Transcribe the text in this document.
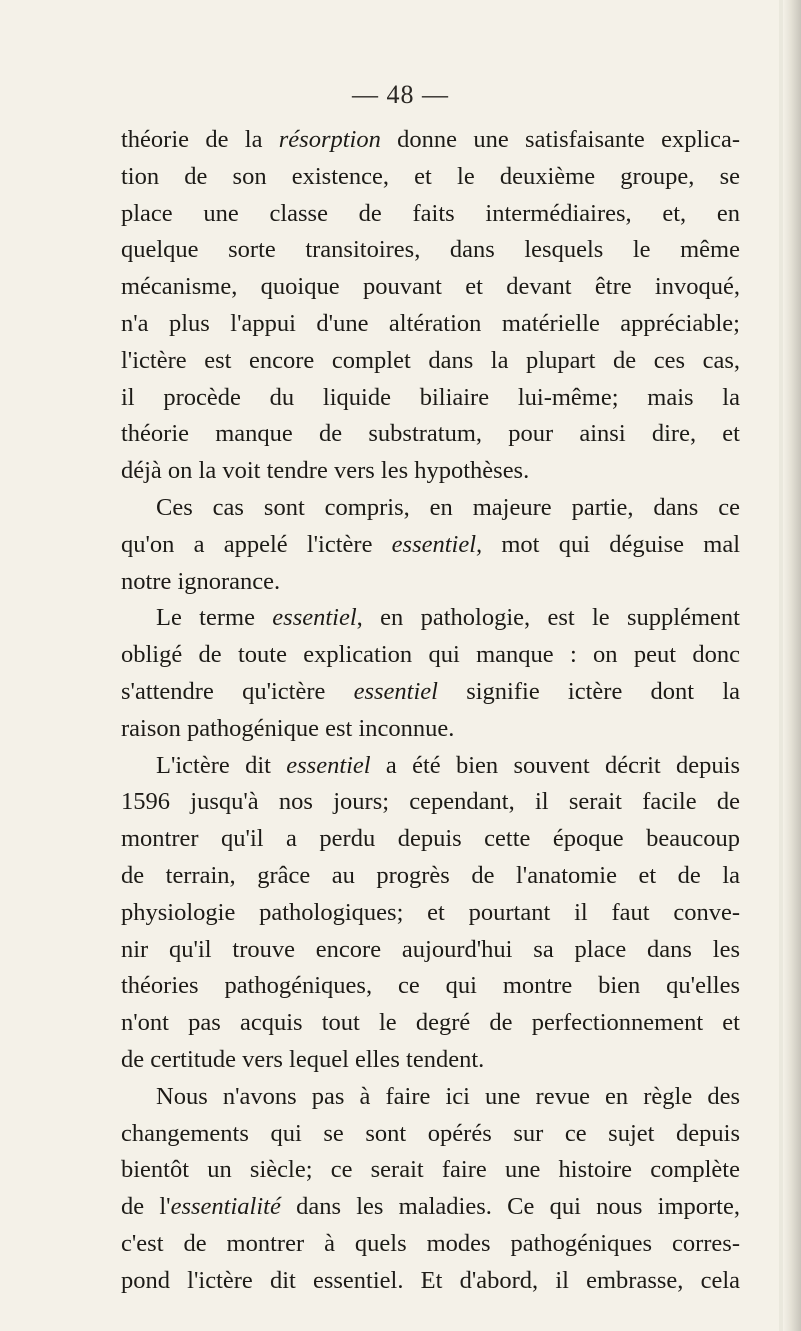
— 48 —
théorie de la résorption donne une satisfaisante explica-
tion de son existence, et le deuxième groupe, se
place une classe de faits intermédiaires, et, en
quelque sorte transitoires, dans lesquels le même
mécanisme, quoique pouvant et devant être invoqué,
n'a plus l'appui d'une altération matérielle appréciable;
l'ictère est encore complet dans la plupart de ces cas,
il procède du liquide biliaire lui-même; mais la
théorie manque de substratum, pour ainsi dire, et
déjà on la voit tendre vers les hypothèses.
Ces cas sont compris, en majeure partie, dans ce
qu'on a appelé l'ictère essentiel, mot qui déguise mal
notre ignorance.
Le terme essentiel, en pathologie, est le supplément
obligé de toute explication qui manque : on peut donc
s'attendre qu'ictère essentiel signifie ictère dont la
raison pathogénique est inconnue.
L'ictère dit essentiel a été bien souvent décrit depuis
1596 jusqu'à nos jours; cependant, il serait facile de
montrer qu'il a perdu depuis cette époque beaucoup
de terrain, grâce au progrès de l'anatomie et de la
physiologie pathologiques; et pourtant il faut conve-
nir qu'il trouve encore aujourd'hui sa place dans les
théories pathogéniques, ce qui montre bien qu'elles
n'ont pas acquis tout le degré de perfectionnement et
de certitude vers lequel elles tendent.
Nous n'avons pas à faire ici une revue en règle des
changements qui se sont opérés sur ce sujet depuis
bientôt un siècle; ce serait faire une histoire complète
de l'essentialité dans les maladies. Ce qui nous importe,
c'est de montrer à quels modes pathogéniques corres-
pond l'ictère dit essentiel. Et d'abord, il embrasse, cela
